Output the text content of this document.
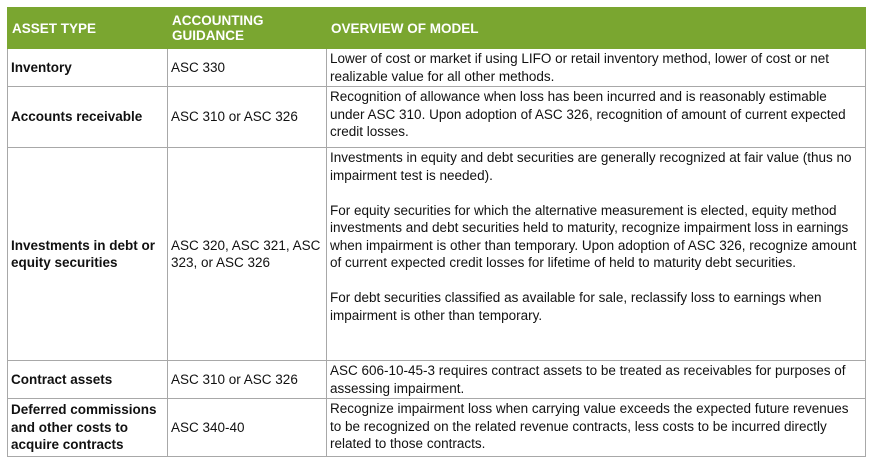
ASSET TYPE	ACCOUNTING GUIDANCE	OVERVIEW OF MODEL
Inventory	ASC 330	Lower of cost or market if using LIFO or retail inventory method, lower of cost or net realizable value for all other methods.

Accounts receivable	ASC 310 or ASC 326	Recognition of allowance when loss has been incurred and is reasonably estimable under ASC 310. Upon adoption of ASC 326, recognition of amount of current expected credit losses.

Investments in debt or equity securities	ASC 320, ASC 321, ASC 323, or ASC 326	Investments in equity and debt securities are generally recognized at fair value (thus no impairment test is needed).
For equity securities for which the alternative measurement is elected, equity method investments and debt securities held to maturity, recognize impairment loss in earnings when impairment is other than temporary. Upon adoption of ASC 326, recognize amount of current expected credit losses for lifetime of held to maturity debt securities.
For debt securities classified as available for sale, reclassify loss to earnings when impairment is other than temporary.

Contract assets	ASC 310 or ASC 326	ASC 606-10-45-3 requires contract assets to be treated as receivables for purposes of assessing impairment.

Deferred commissions and other costs to acquire contracts	ASC 340-40	Recognize impairment loss when carrying value exceeds the expected future revenues to be recognized on the related revenue contracts, less costs to be incurred directly related to those contracts.
